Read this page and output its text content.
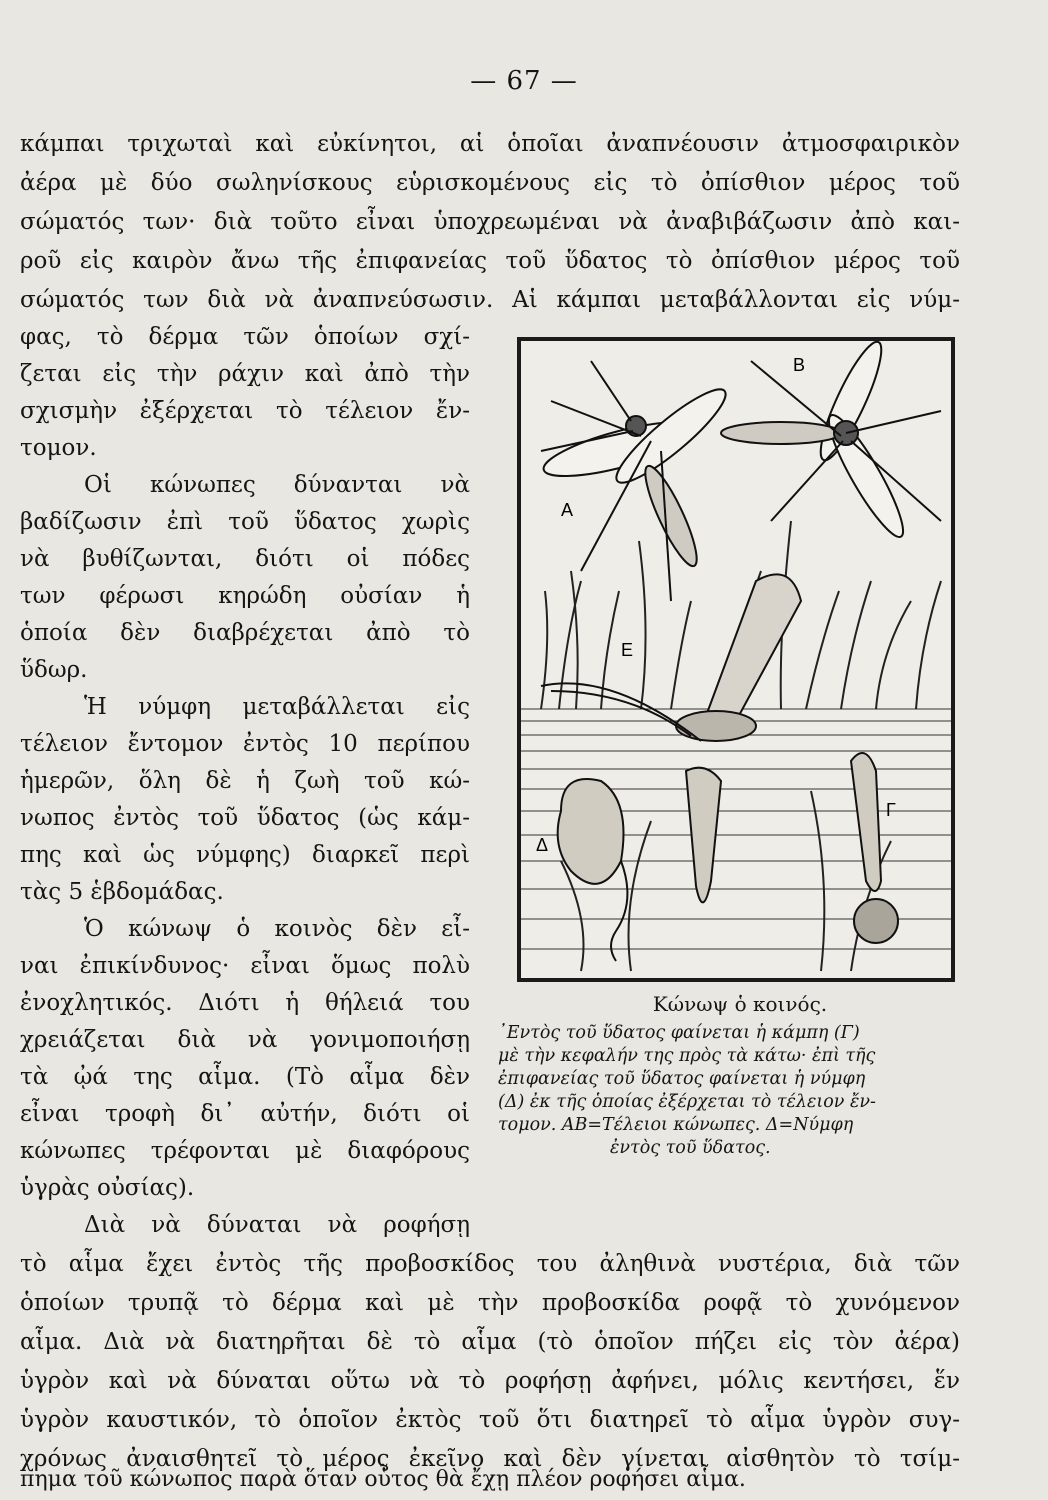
— 67 —
κάμπαι τριχωταὶ καὶ εὐκίνητοι, αἱ ὁποῖαι ἀναπνέουσιν ἀτμοσφαιρικὸν
ἀέρα μὲ δύο σωληνίσκους εὑρισκομένους εἰς τὸ ὀπίσθιον μέρος τοῦ
σώματός των· διὰ τοῦτο εἶναι ὑποχρεωμέναι νὰ ἀναβιβάζωσιν ἀπὸ και-
ροῦ εἰς καιρὸν ἄνω τῆς ἐπιφανείας τοῦ ὕδατος τὸ ὀπίσθιον μέρος τοῦ
σώματός των διὰ νὰ ἀναπνεύσωσιν. Αἱ κάμπαι μεταβάλλονται εἰς νύμ-
φας, τὸ δέρμα τῶν ὁποίων σχί-
ζεται εἰς τὴν ράχιν καὶ ἀπὸ τὴν
σχισμὴν ἐξέρχεται τὸ τέλειον ἔν-
τομον.
Οἱ κώνωπες δύνανται νὰ
βαδίζωσιν ἐπὶ τοῦ ὕδατος χωρὶς
νὰ βυθίζωνται, διότι οἱ πόδες
των φέρωσι κηρώδη οὐσίαν ἡ
ὁποία δὲν διαβρέχεται ἀπὸ τὸ
ὕδωρ.
Ἡ νύμφη μεταβάλλεται εἰς
τέλειον ἔντομον ἐντὸς 10 περίπου
ἡμερῶν, ὅλη δὲ ἡ ζωὴ τοῦ κώ-
νωπος ἐντὸς τοῦ ὕδατος (ὡς κάμ-
πης καὶ ὡς νύμφης) διαρκεῖ περὶ
τὰς 5 ἑβδομάδας.
Ὁ κώνωψ ὁ κοινὸς δὲν εἶ-
ναι ἐπικίνδυνος· εἶναι ὅμως πολὺ
ἐνοχλητικός. Διότι ἡ θήλειά του
χρειάζεται διὰ νὰ γονιμοποιήσῃ
τὰ ᾠά της αἷμα. (Τὸ αἷμα δὲν
εἶναι τροφὴ δι᾿ αὐτήν, διότι οἱ
κώνωπες τρέφονται μὲ διαφόρους
ὑγρὰς οὐσίας).
Διὰ νὰ δύναται νὰ ροφήσῃ
Α
Β
Ε
Γ
Δ
Κώνωψ ὁ κοινός.
᾿Εντὸς τοῦ ὕδατος φαίνεται ἡ κάμπη (Γ)
μὲ τὴν κεφαλήν της πρὸς τὰ κάτω· ἐπὶ τῆς
ἐπιφανείας τοῦ ὕδατος φαίνεται ἡ νύμφη
(Δ) ἐκ τῆς ὁποίας ἐξέρχεται τὸ τέλειον ἔν-
τομον. ΑΒ=Τέλειοι κώνωπες. Δ=Νύμφη
ἐντὸς τοῦ ὕδατος.
τὸ αἷμα ἔχει ἐντὸς τῆς προβοσκίδος του ἀληθινὰ νυστέρια, διὰ τῶν
ὁποίων τρυπᾷ τὸ δέρμα καὶ μὲ τὴν προβοσκίδα ροφᾷ τὸ χυνόμενον
αἷμα. Διὰ νὰ διατηρῆται δὲ τὸ αἷμα (τὸ ὁποῖον πήζει εἰς τὸν ἀέρα)
ὑγρὸν καὶ νὰ δύναται οὕτω νὰ τὸ ροφήσῃ ἀφήνει, μόλις κεντήσει, ἕν
ὑγρὸν καυστικόν, τὸ ὁποῖον ἐκτὸς τοῦ ὅτι διατηρεῖ τὸ αἷμα ὑγρὸν συγ-
χρόνως ἀναισθητεῖ τὸ μέρος ἐκεῖνο καὶ δὲν γίνεται αἰσθητὸν τὸ τσίμ-
πημα τοῦ κώνωπος παρὰ ὅταν οὗτος θὰ ἔχῃ πλέον ροφήσει αἷμα.
